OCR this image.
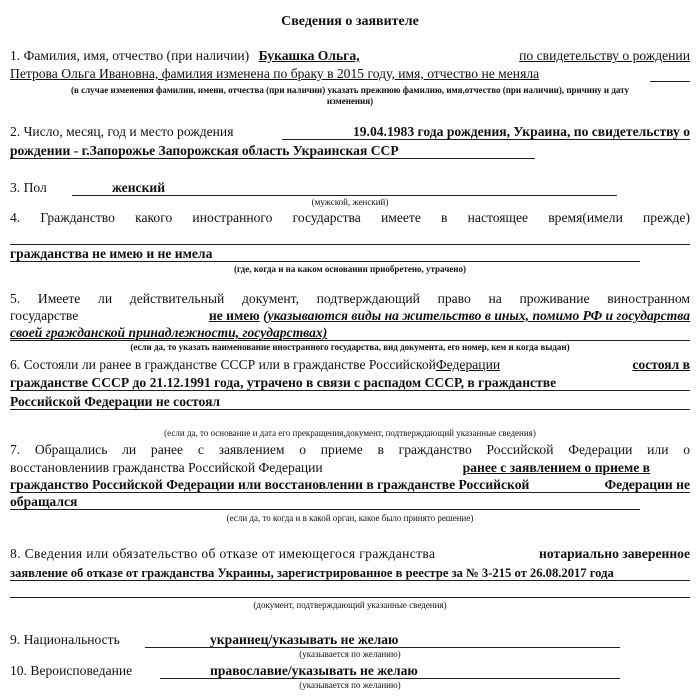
Сведения о заявителе
1. Фамилия, имя, отчество (при наличии) Букашка Ольга,	по свидетельству о рождении
Петрова Ольга Ивановна, фамилия изменена по браку в 2015 году, имя, отчество не меняла
(в случае изменения фамилии, имени, отчества (при наличии) указать прежнюю фамилию, имя,отчество (при наличии), причину и дату
изменения)
2. Число, месяц, год и место рождения	19.04.1983 года рождения, Украина, по свидетельству о
рождении - г.Запорожье Запорожская область Украинская ССР
3. Пол	женский
(мужской, женский)
4. Гражданство какого иностранного государства имеете в настоящее время(имели прежде)
гражданства не имею и не имела
(где, когда и на каком основании приобретено, утрачено)
5. Имеете ли действительный документ, подтверждающий право на проживание виностранном
государстве	не имею (указываются виды на жительство в иных, помимо РФ и государства
своей гражданской принадлежности, государствах)
(если да, то указать наименование иностранного государства, вид документа, его номер, кем и когда выдан)
6. Состояли ли ранее в гражданстве СССР или в гражданстве РоссийскойФедерации	состоял в
гражданстве СССР до 21.12.1991 года, утрачено в связи с распадом СССР, в гражданстве
Российской Федерации не состоял
(если да, то основание и дата его прекращения,документ, подтверждающий указанные сведения)
7. Обращались ли ранее с заявлением о приеме в гражданство Российской Федерации или о
восстановлениив гражданства Российской Федерации	ранее с заявлением о приеме в
гражданство Российской Федерации или восстановлении в гражданстве Российской	Федерации не
обращался
(если да, то когда и в какой орган, какое было принято решение)
8. Сведения или обязательство об отказе от имеющегося гражданства	нотариально заверенное
заявление об отказе от гражданства Украины, зарегистрированное в реестре за № 3-215 от 26.08.2017 года
(документ, подтверждающий указанные сведения)
9. Национальность	украинец/указывать не желаю
(указывается по желанию)
10. Вероисповедание	православие/указывать не желаю
(указывается по желанию)
